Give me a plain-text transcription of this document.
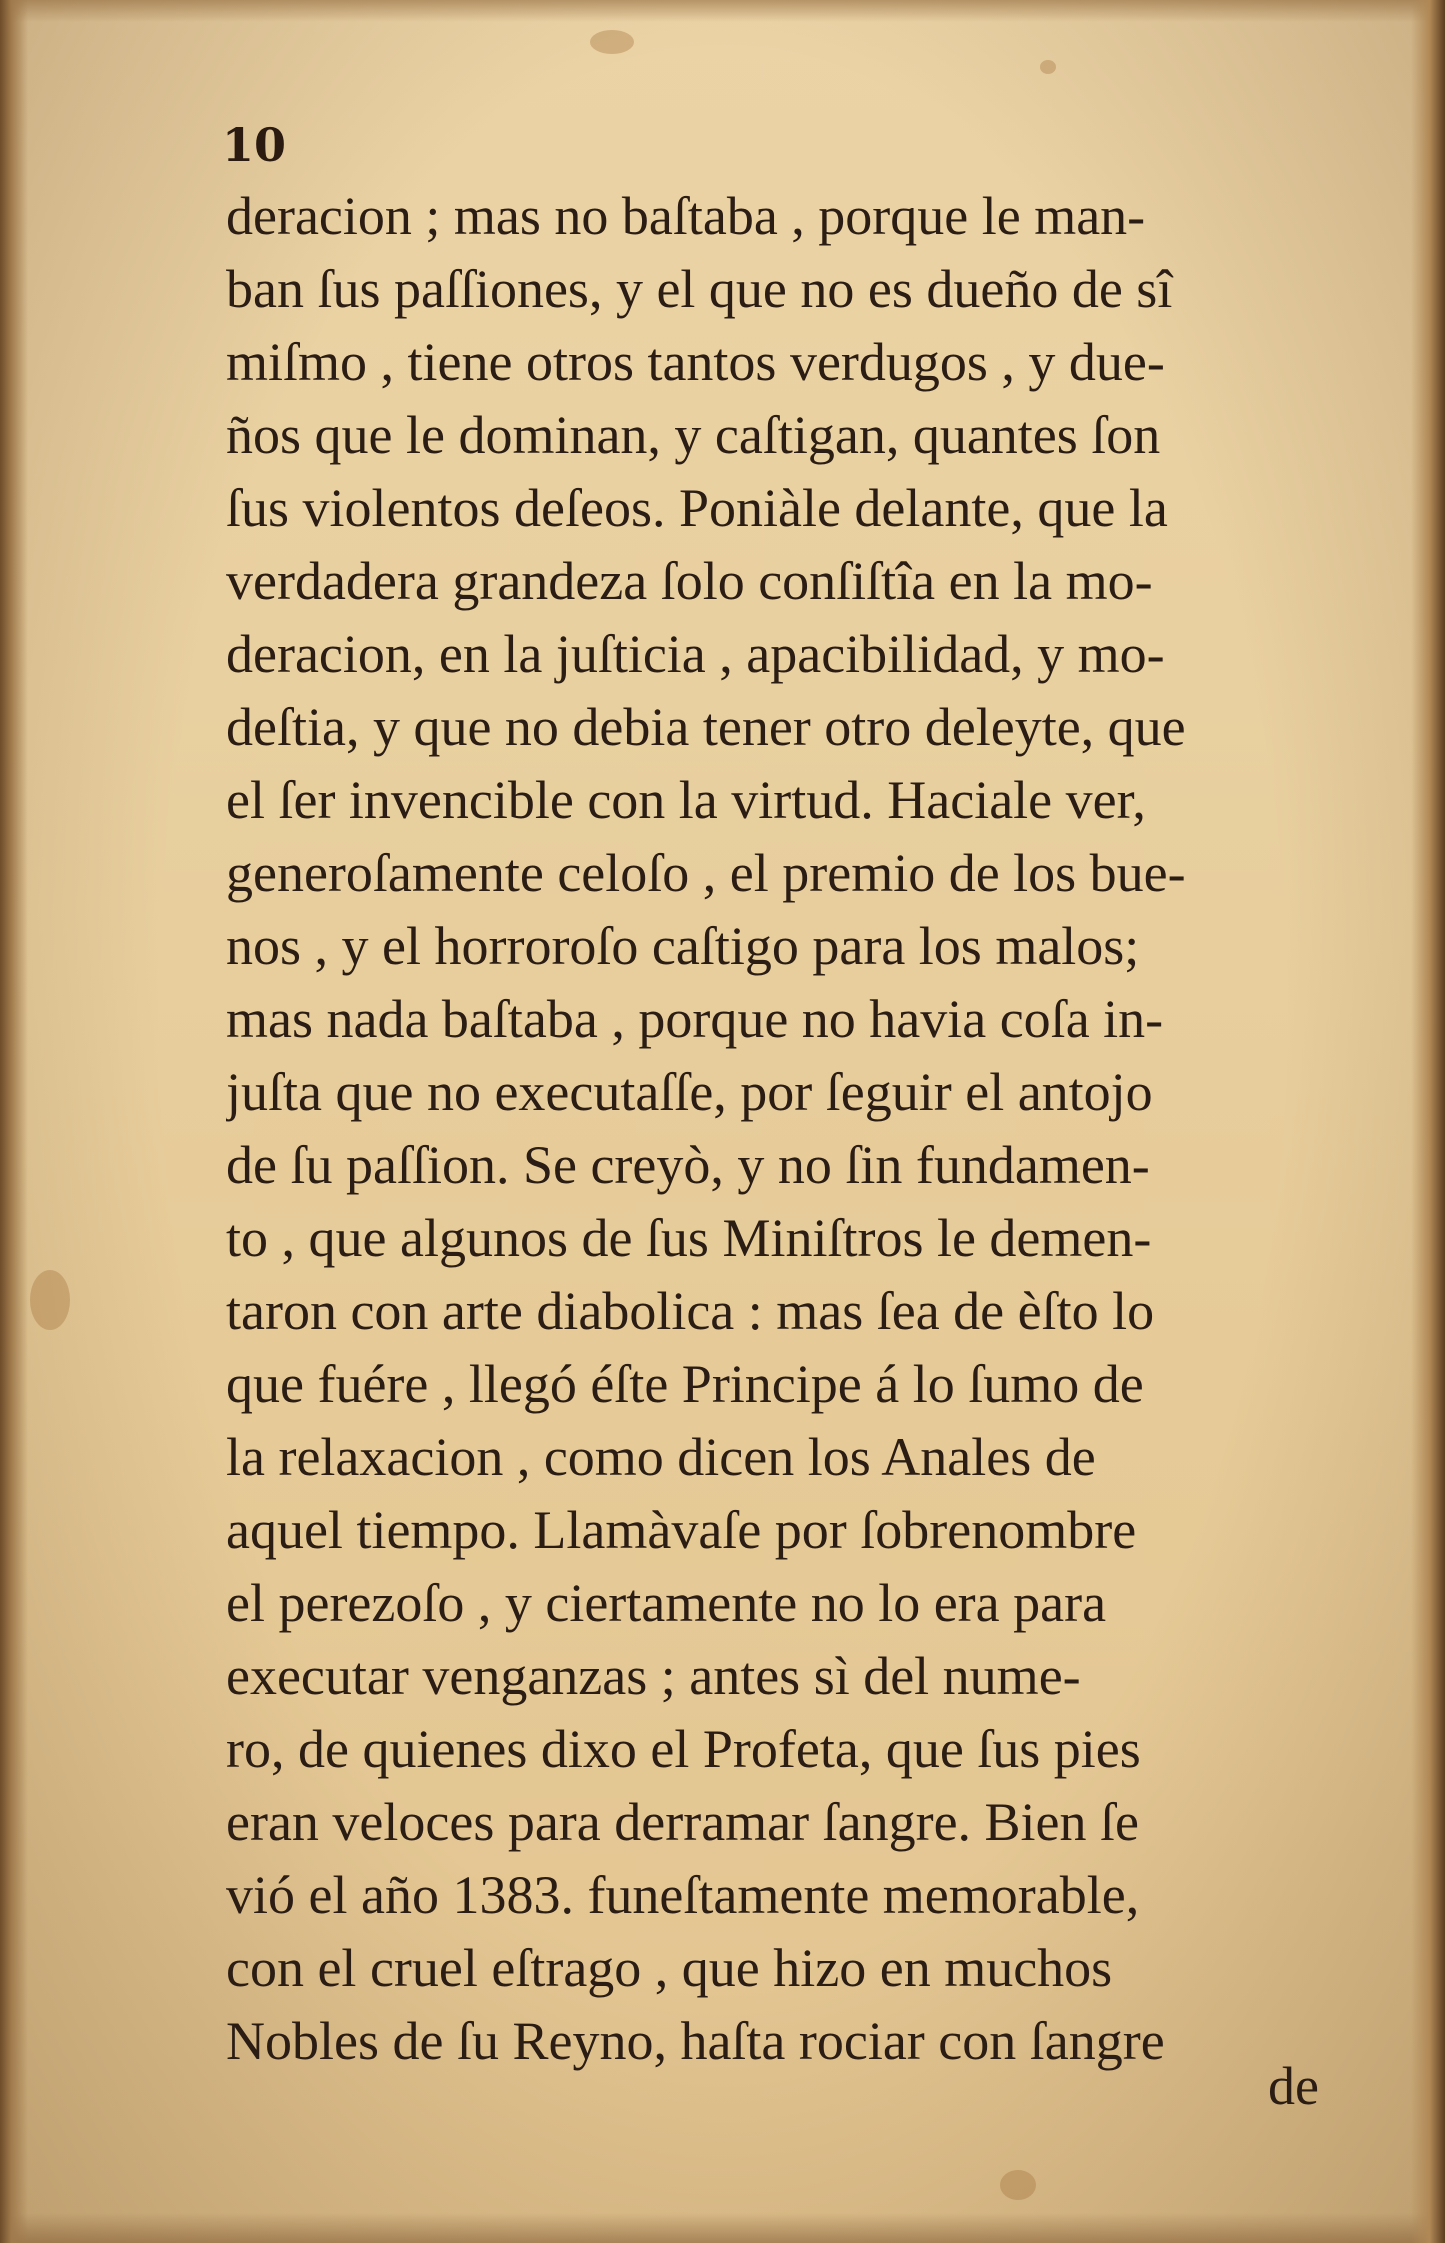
10
deracion ; mas no baſtaba , porque le man-
ban ſus paſſiones, y el que no es dueño de sî
miſmo , tiene otros tantos verdugos , y due-
ños que le dominan, y caſtigan, quantes ſon
ſus violentos deſeos. Poniàle delante, que la
verdadera grandeza ſolo conſiſtîa en la mo-
deracion, en la juſticia , apacibilidad, y mo-
deſtia, y que no debia tener otro deleyte, que
el ſer invencible con la virtud. Haciale ver,
generoſamente celoſo , el premio de los bue-
nos , y el horroroſo caſtigo para los malos;
mas nada baſtaba , porque no havia coſa in-
juſta que no executaſſe, por ſeguir el antojo
de ſu paſſion. Se creyò, y no ſin fundamen-
to , que algunos de ſus Miniſtros le demen-
taron con arte diabolica : mas ſea de èſto lo
que fuére , llegó éſte Principe á lo ſumo de
la relaxacion , como dicen los Anales de
aquel tiempo. Llamàvaſe por ſobrenombre
el perezoſo , y ciertamente no lo era para
executar venganzas ; antes sì del nume-
ro, de quienes dixo el Profeta, que ſus pies
eran veloces para derramar ſangre. Bien ſe
vió el año 1383. funeſtamente memorable,
con el cruel eſtrago , que hizo en muchos
Nobles de ſu Reyno, haſta rociar con ſangre
de
